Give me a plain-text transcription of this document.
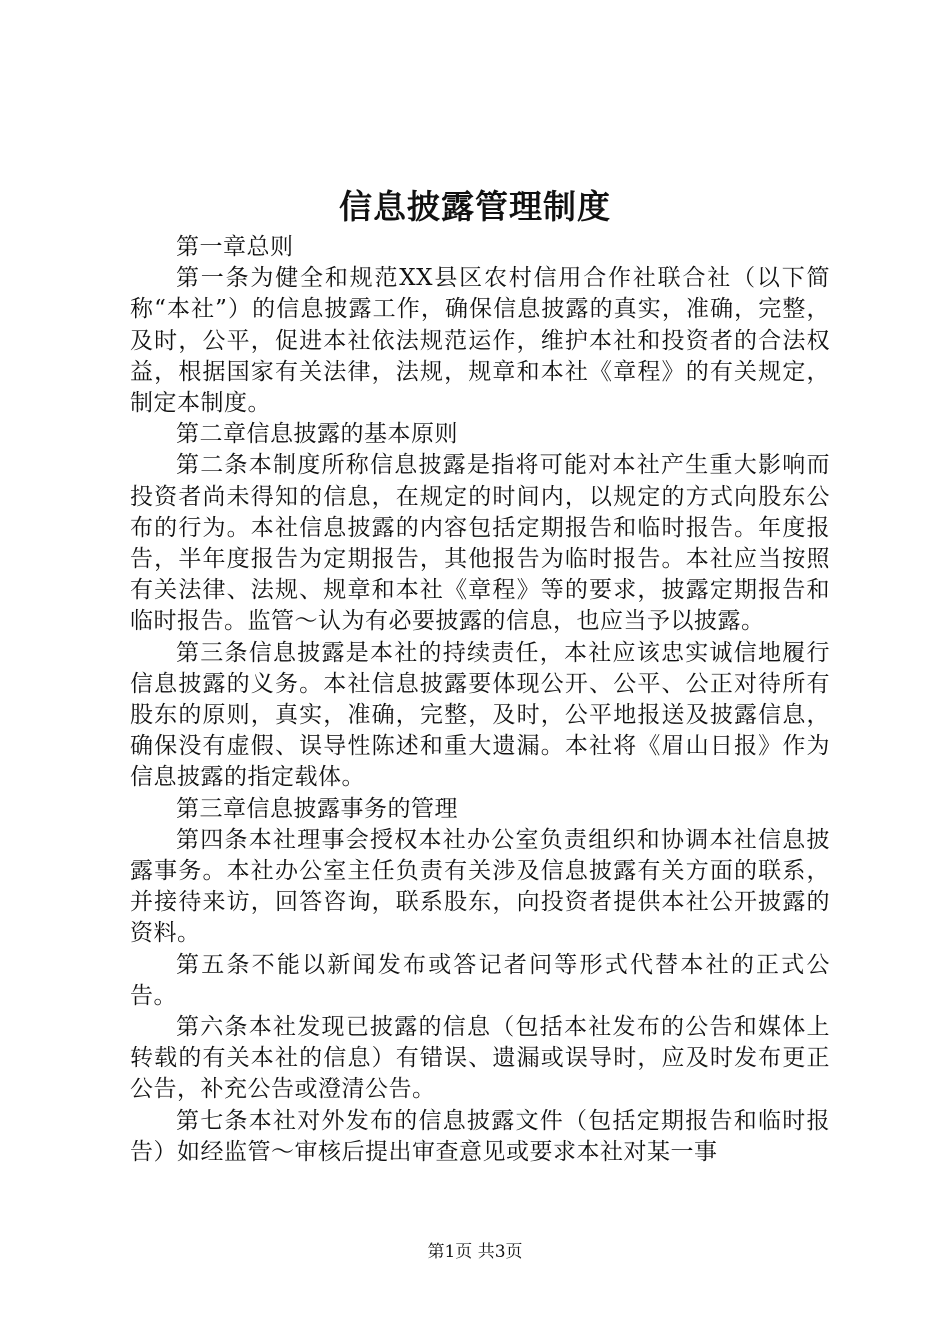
信息披露管理制度

第一章总则

第一条为健全和规范XX县区农村信用合作社联合社（以下简称“本社”）的信息披露工作，确保信息披露的真实，准确，完整，及时，公平，促进本社依法规范运作，维护本社和投资者的合法权益，根据国家有关法律，法规，规章和本社《章程》的有关规定，制定本制度。

第二章信息披露的基本原则

第二条本制度所称信息披露是指将可能对本社产生重大影响而投资者尚未得知的信息，在规定的时间内，以规定的方式向股东公布的行为。本社信息披露的内容包括定期报告和临时报告。年度报告，半年度报告为定期报告，其他报告为临时报告。本社应当按照有关法律、法规、规章和本社《章程》等的要求，披露定期报告和临时报告。监管～认为有必要披露的信息，也应当予以披露。

第三条信息披露是本社的持续责任，本社应该忠实诚信地履行信息披露的义务。本社信息披露要体现公开、公平、公正对待所有股东的原则，真实，准确，完整，及时，公平地报送及披露信息，确保没有虚假、误导性陈述和重大遗漏。本社将《眉山日报》作为信息披露的指定载体。

第三章信息披露事务的管理

第四条本社理事会授权本社办公室负责组织和协调本社信息披露事务。本社办公室主任负责有关涉及信息披露有关方面的联系，并接待来访，回答咨询，联系股东，向投资者提供本社公开披露的资料。

第五条不能以新闻发布或答记者问等形式代替本社的正式公告。

第六条本社发现已披露的信息（包括本社发布的公告和媒体上转载的有关本社的信息）有错误、遗漏或误导时，应及时发布更正公告，补充公告或澄清公告。

第七条本社对外发布的信息披露文件（包括定期报告和临时报告）如经监管～审核后提出审查意见或要求本社对某一事

第1页 共3页
